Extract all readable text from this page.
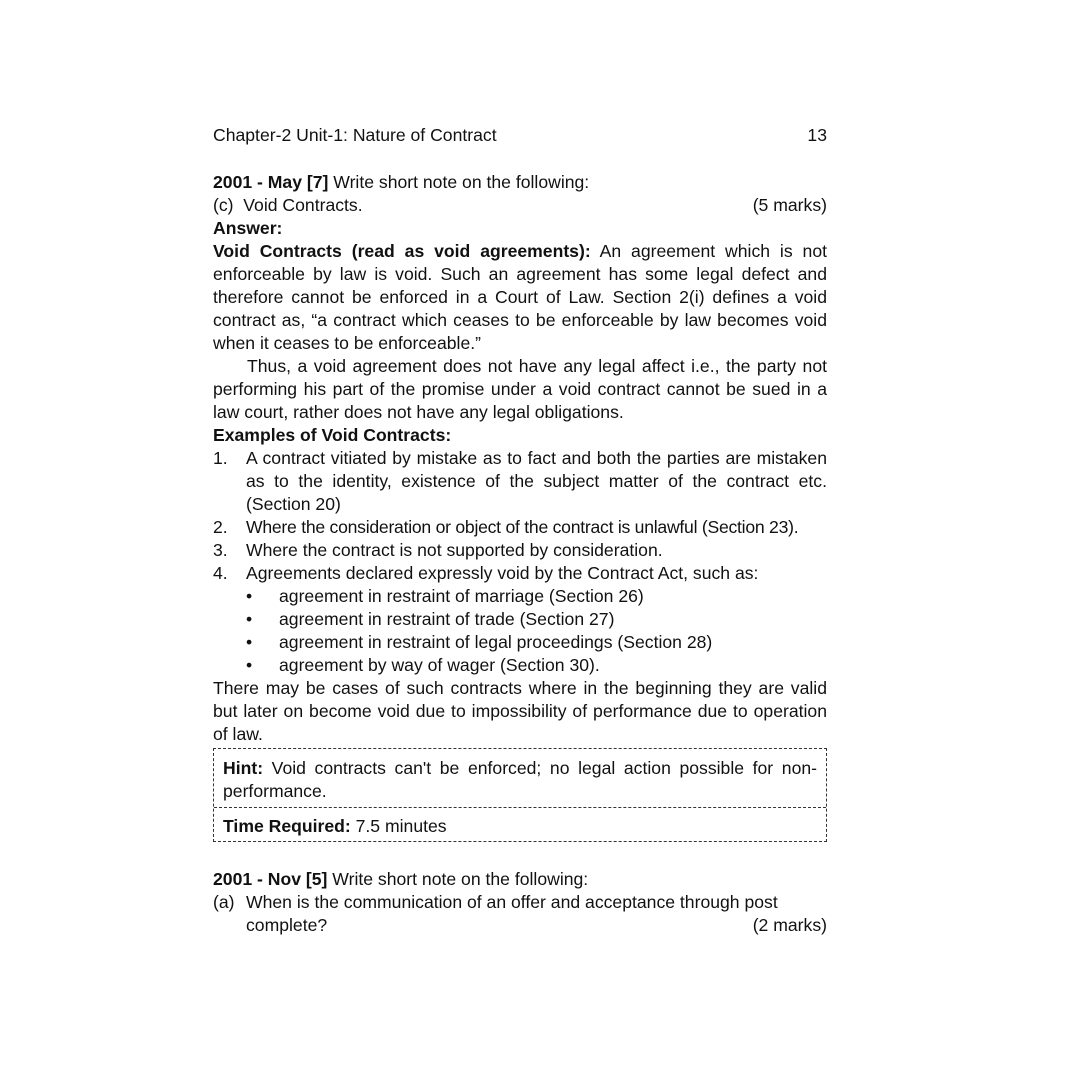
Chapter-2 Unit-1: Nature of Contract	13
2001 - May [7] Write short note on the following:
(c) Void Contracts.	(5 marks)
Answer:
Void Contracts (read as void agreements): An agreement which is not enforceable by law is void. Such an agreement has some legal defect and therefore cannot be enforced in a Court of Law. Section 2(i) defines a void contract as, “a contract which ceases to be enforceable by law becomes void when it ceases to be enforceable.”
Thus, a void agreement does not have any legal affect i.e., the party not performing his part of the promise under a void contract cannot be sued in a law court, rather does not have any legal obligations.
Examples of Void Contracts:
1.	A contract vitiated by mistake as to fact and both the parties are mistaken as to the identity, existence of the subject matter of the contract etc. (Section 20)
2.	Where the consideration or object of the contract is unlawful (Section 23).
3.	Where the contract is not supported by consideration.
4.	Agreements declared expressly void by the Contract Act, such as:
•	agreement in restraint of marriage (Section 26)
•	agreement in restraint of trade (Section 27)
•	agreement in restraint of legal proceedings (Section 28)
•	agreement by way of wager (Section 30).
There may be cases of such contracts where in the beginning they are valid but later on become void due to impossibility of performance due to operation of law.
Hint: Void contracts can't be enforced; no legal action possible for non-performance.
Time Required: 7.5 minutes
2001 - Nov [5] Write short note on the following:
(a) When is the communication of an offer and acceptance through post
complete?	(2 marks)
